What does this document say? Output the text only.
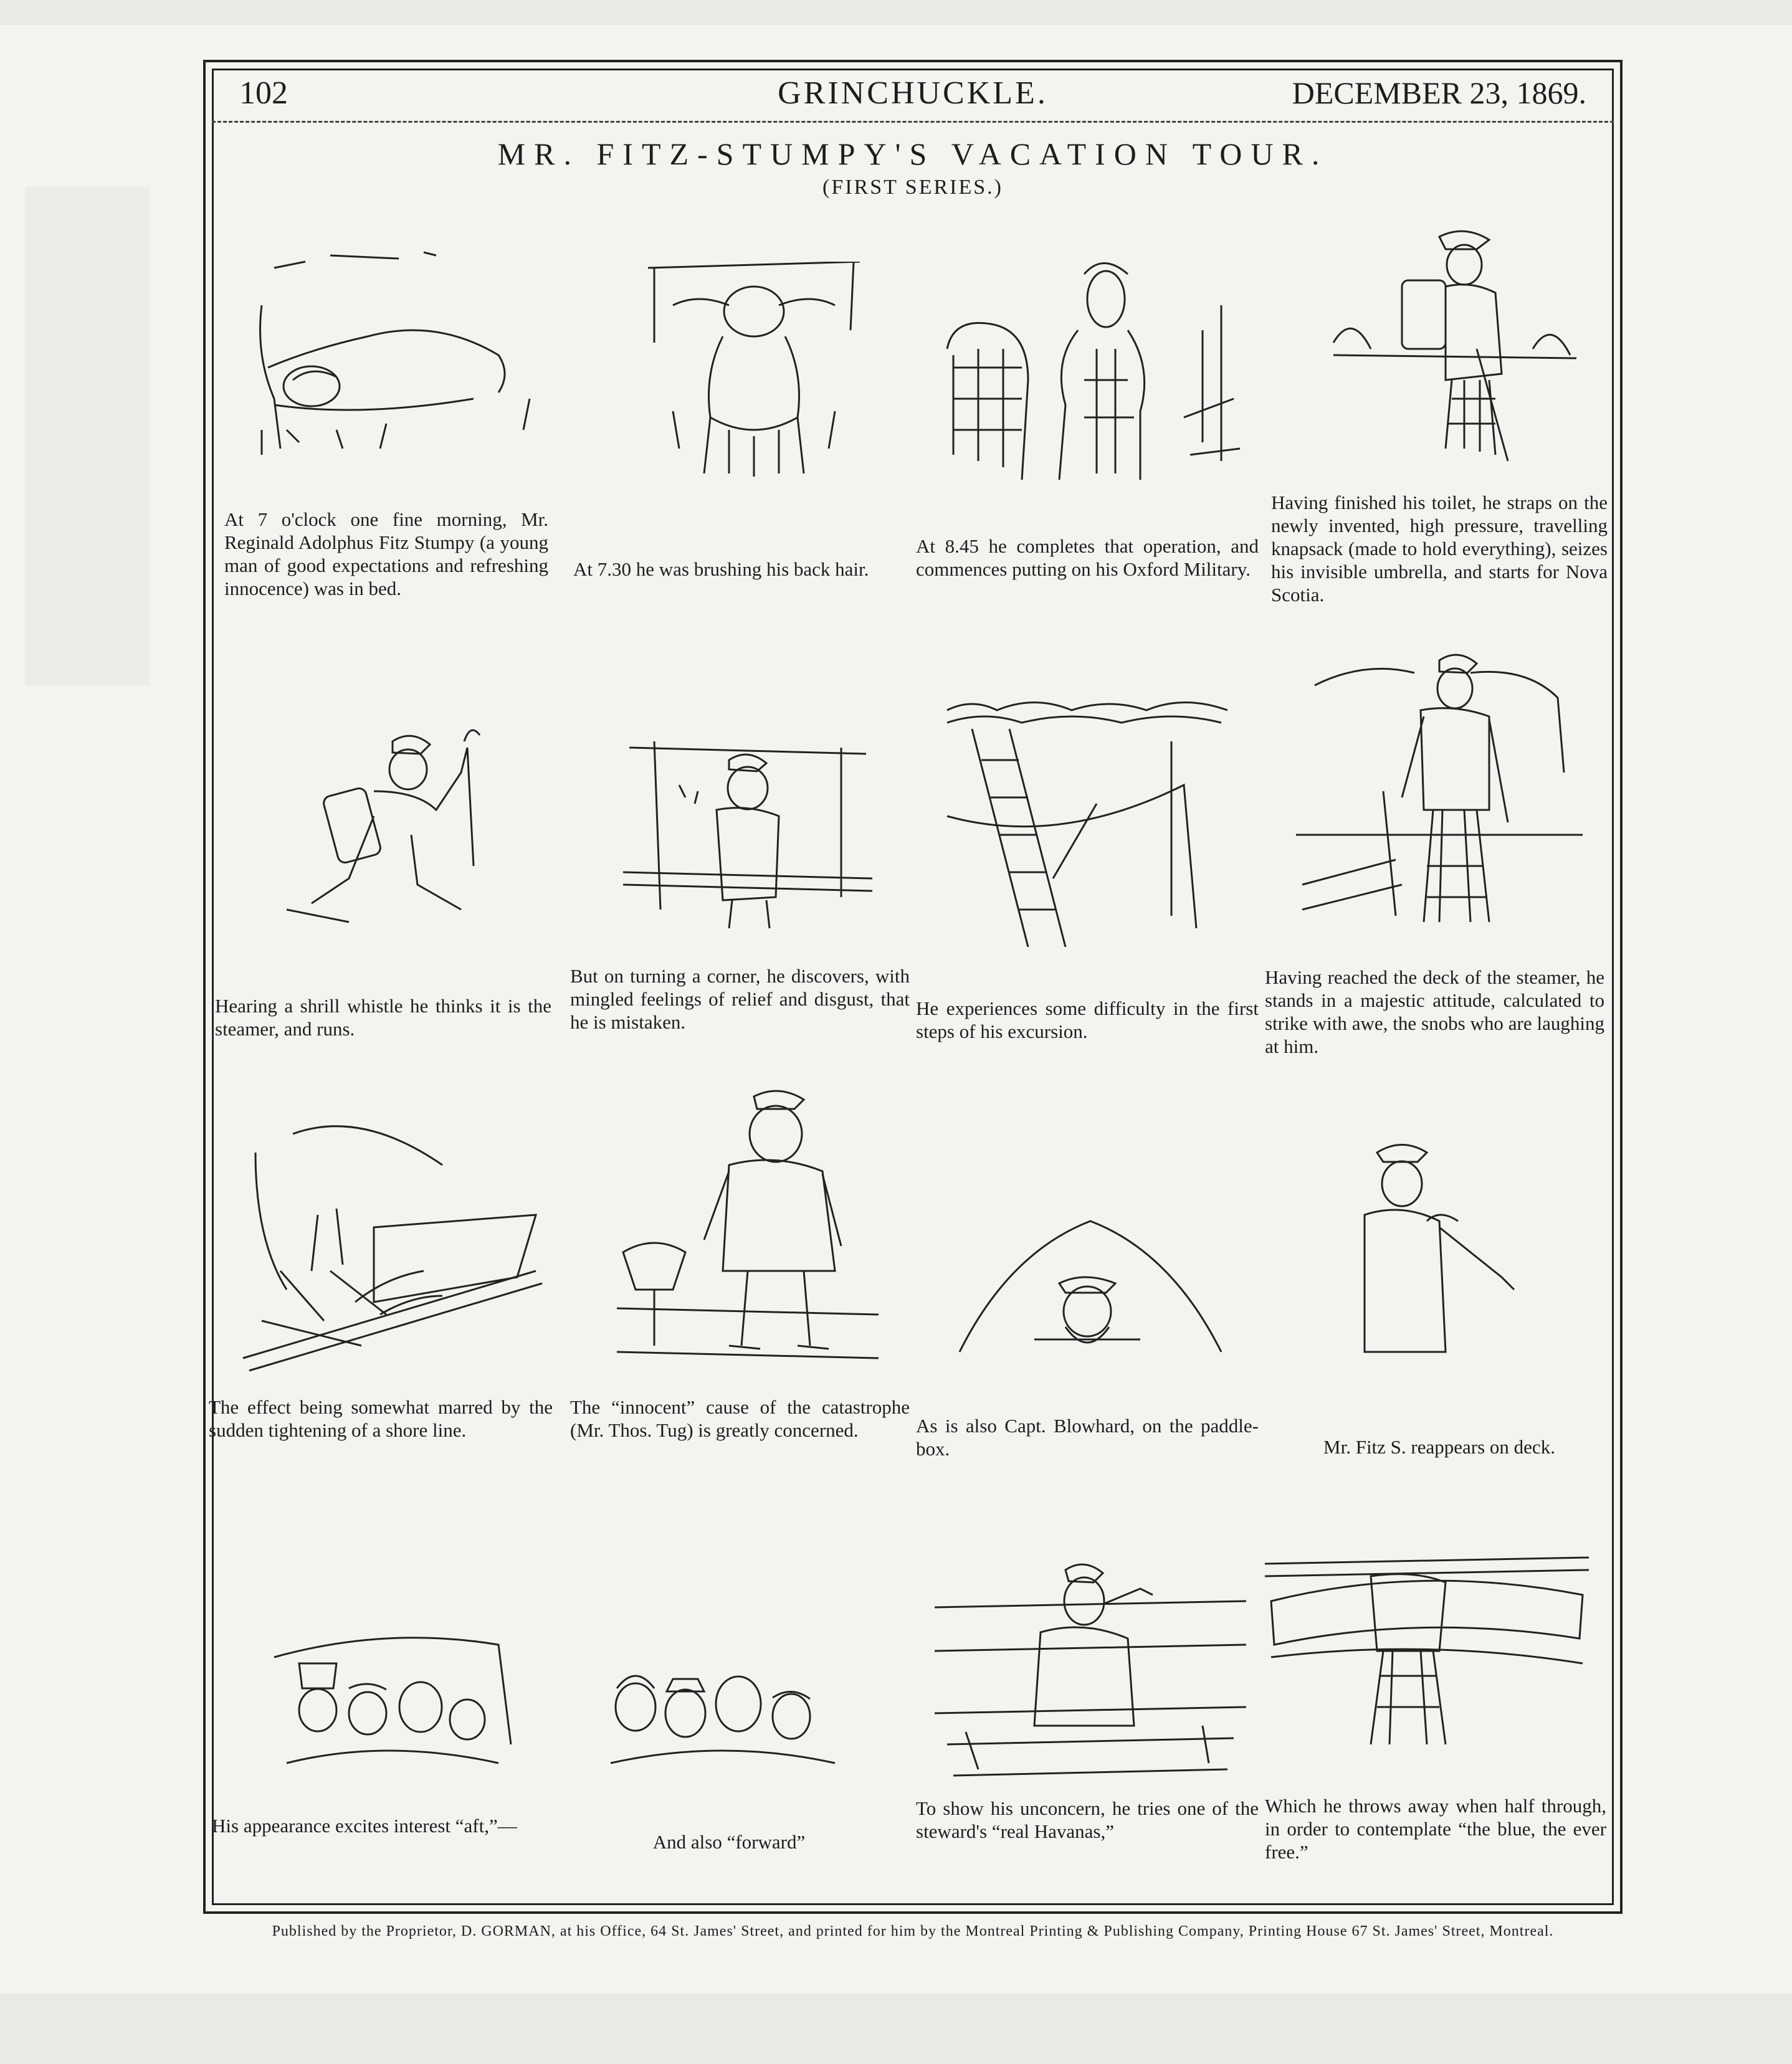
102	GRINCHUCKLE.	DECEMBER 23, 1869.
MR. FITZ-STUMPY'S VACATION TOUR.
(FIRST SERIES.)
At 7 o'clock one fine morning, Mr. Reginald Adolphus Fitz Stumpy (a young man of good expectations and refreshing innocence) was in bed.
At 7.30 he was brushing his back hair.
At 8.45 he completes that operation, and commences putting on his Oxford Military.
Having finished his toilet, he straps on the newly invented, high pressure, travelling knapsack (made to hold everything), seizes his invisible umbrella, and starts for Nova Scotia.
Hearing a shrill whistle he thinks it is the steamer, and runs.
But on turning a corner, he discovers, with mingled feelings of relief and disgust, that he is mistaken.
He experiences some difficulty in the first steps of his excursion.
Having reached the deck of the steamer, he stands in a majestic attitude, calculated to strike with awe, the snobs who are laughing at him.
The effect being somewhat marred by the sudden tightening of a shore line.
The “innocent” cause of the catastrophe (Mr. Thos. Tug) is greatly concerned.	As is also Capt. Blowhard, on the paddle-box.	Mr. Fitz S. reappears on deck.
His appearance excites interest “aft,”—
And also “forward”
To show his unconcern, he tries one of the steward's “real Havanas,”
Which he throws away when half through, in order to contemplate “the blue, the ever free.”
Published by the Proprietor, D. GORMAN, at his Office, 64 St. James' Street, and printed for him by the Montreal Printing & Publishing Company, Printing House 67 St. James' Street, Montreal.
